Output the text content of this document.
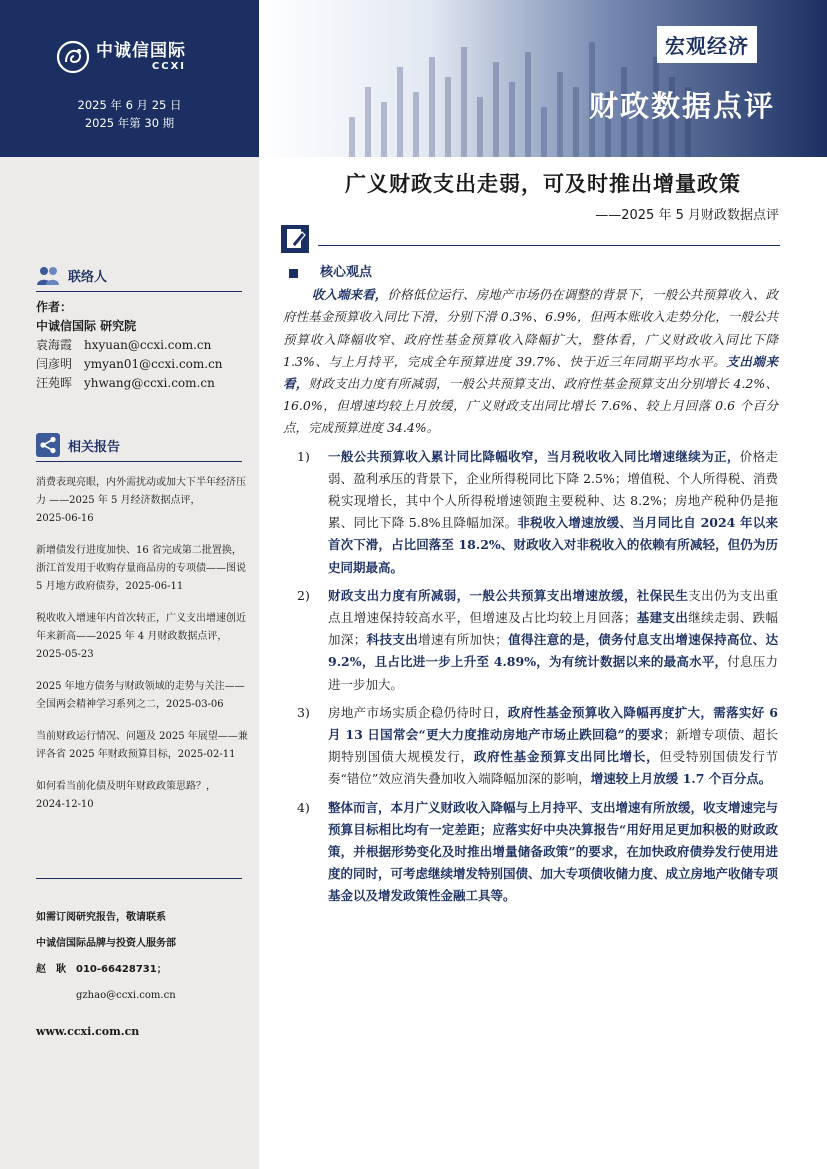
中诚信国际
CCXI
2025 年 6 月 25 日
2025 年第 30 期
宏观经济
财政数据点评
广义财政支出走弱，可及时推出增量政策
——2025 年 5 月财政数据点评
联络人
作者：
中诚信国际 研究院
袁海霞 hxyuan@ccxi.com.cn
闫彦明 ymyan01@ccxi.com.cn
汪苑晖 yhwang@ccxi.com.cn
相关报告
消费表现亮眼，内外需扰动或加大下半年经济压力 ——2025 年 5 月经济数据点评，
2025-06-16
新增债发行进度加快、16 省完成第二批置换，浙江首发用于收购存量商品房的专项债——图说 5 月地方政府债券，2025-06-11
税收收入增速年内首次转正，广义支出增速创近年来新高——2025 年 4 月财政数据点评，2025-05-23
2025 年地方债务与财政领域的走势与关注——全国两会精神学习系列之二，2025-03-06
当前财政运行情况、问题及 2025 年展望——兼评各省 2025 年财政预算目标，2025-02-11
如何看当前化债及明年财政政策思路？，
2024-12-10
如需订阅研究报告，敬请联系
中诚信国际品牌与投资人服务部
赵　耿　010-66428731；
gzhao@ccxi.com.cn
www.ccxi.com.cn
核心观点

收入端来看，价格低位运行、房地产市场仍在调整的背景下，一般公共预算收入、政府性基金预算收入同比下滑，分别下滑 0.3%、6.9%，但两本账收入走势分化，一般公共预算收入降幅收窄、政府性基金预算收入降幅扩大，整体看，广义财政收入同比下降 1.3%、与上月持平，完成全年预算进度 39.7%、快于近三年同期平均水平。支出端来看，财政支出力度有所减弱，一般公共预算支出、政府性基金预算支出分别增长 4.2%、16.0%，但增速均较上月放缓，广义财政支出同比增长 7.6%、较上月回落 0.6 个百分点，完成预算进度 34.4%。

1)	一般公共预算收入累计同比降幅收窄，当月税收收入同比增速继续为正，价格走弱、盈利承压的背景下，企业所得税同比下降 2.5%；增值税、个人所得税、消费税实现增长，其中个人所得税增速领跑主要税种、达 8.2%；房地产税种仍是拖累、同比下降 5.8%且降幅加深。非税收入增速放缓、当月同比自 2024 年以来首次下滑，占比回落至 18.2%、财政收入对非税收入的依赖有所减轻，但仍为历史同期最高。
2)	财政支出力度有所减弱，一般公共预算支出增速放缓，社保民生支出仍为支出重点且增速保持较高水平，但增速及占比均较上月回落；基建支出继续走弱、跌幅加深；科技支出增速有所加快；值得注意的是，债务付息支出增速保持高位、达 9.2%，且占比进一步上升至 4.89%，为有统计数据以来的最高水平，付息压力进一步加大。
3)	房地产市场实质企稳仍待时日，政府性基金预算收入降幅再度扩大，需落实好 6 月 13 日国常会“更大力度推动房地产市场止跌回稳”的要求；新增专项债、超长期特别国债大规模发行，政府性基金预算支出同比增长，但受特别国债发行节奏“错位”效应消失叠加收入端降幅加深的影响，增速较上月放缓 1.7 个百分点。
4)	整体而言，本月广义财政收入降幅与上月持平、支出增速有所放缓，收支增速完与预算目标相比均有一定差距；应落实好中央决算报告“用好用足更加积极的财政政策，并根据形势变化及时推出增量储备政策”的要求，在加快政府债券发行使用进度的同时，可考虑继续增发特别国债、加大专项债收储力度、成立房地产收储专项基金以及增发政策性金融工具等。
